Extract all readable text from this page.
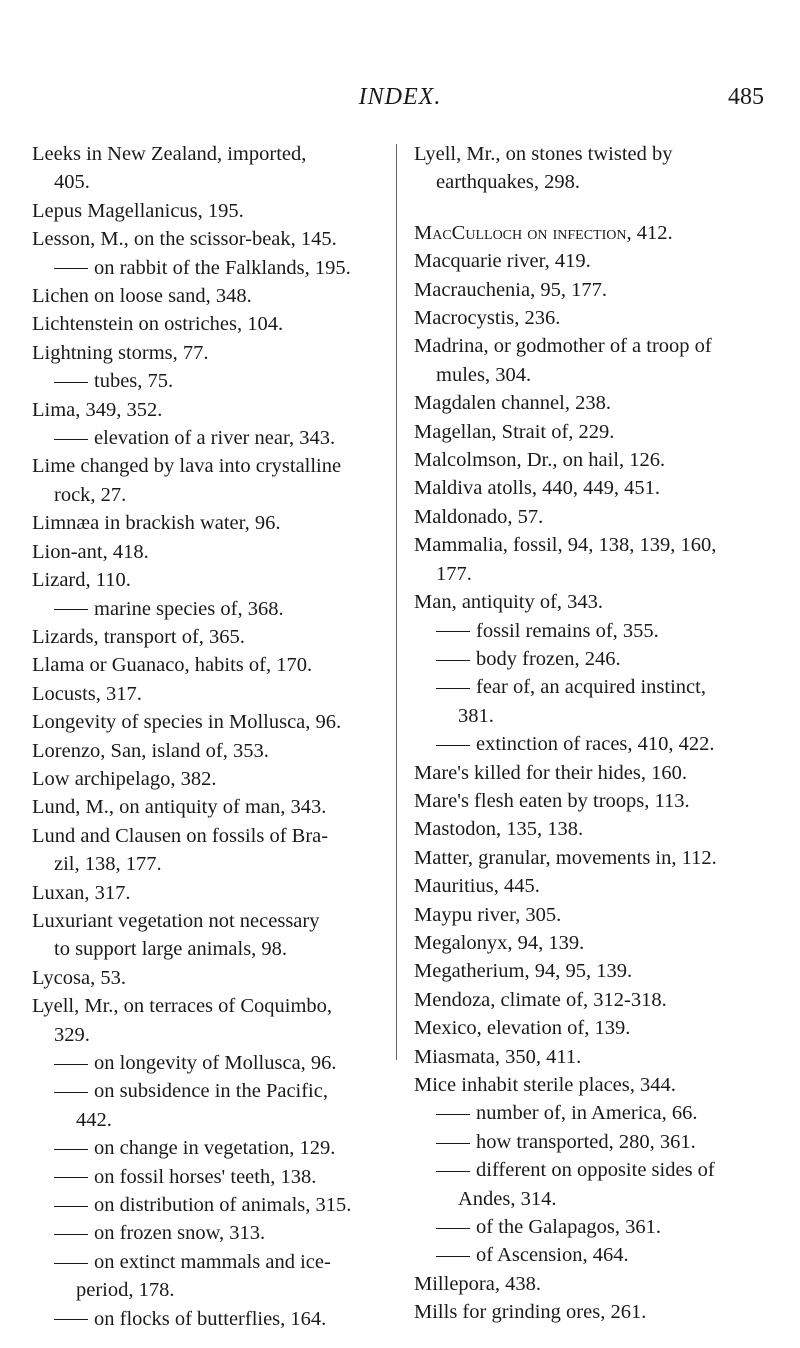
INDEX.	485
Leeks in New Zealand, imported,
405.
Lepus Magellanicus, 195.
Lesson, M., on the scissor-beak, 145.
on rabbit of the Falklands, 195.
Lichen on loose sand, 348.
Lichtenstein on ostriches, 104.
Lightning storms, 77.
tubes, 75.
Lima, 349, 352.
elevation of a river near, 343.
Lime changed by lava into crystalline
rock, 27.
Limnæa in brackish water, 96.
Lion-ant, 418.
Lizard, 110.
marine species of, 368.
Lizards, transport of, 365.
Llama or Guanaco, habits of, 170.
Locusts, 317.
Longevity of species in Mollusca, 96.
Lorenzo, San, island of, 353.
Low archipelago, 382.
Lund, M., on antiquity of man, 343.
Lund and Clausen on fossils of Bra-
zil, 138, 177.
Luxan, 317.
Luxuriant vegetation not necessary
to support large animals, 98.
Lycosa, 53.
Lyell, Mr., on terraces of Coquimbo,
329.
on longevity of Mollusca, 96.
on subsidence in the Pacific,
442.
on change in vegetation, 129.
on fossil horses' teeth, 138.
on distribution of animals, 315.
on frozen snow, 313.
on extinct mammals and ice-
period, 178.
on flocks of butterflies, 164.
Lyell, Mr., on stones twisted by
earthquakes, 298.
MacCulloch on infection, 412.
Macquarie river, 419.
Macrauchenia, 95, 177.
Macrocystis, 236.
Madrina, or godmother of a troop of
mules, 304.
Magdalen channel, 238.
Magellan, Strait of, 229.
Malcolmson, Dr., on hail, 126.
Maldiva atolls, 440, 449, 451.
Maldonado, 57.
Mammalia, fossil, 94, 138, 139, 160,
177.
Man, antiquity of, 343.
fossil remains of, 355.
body frozen, 246.
fear of, an acquired instinct,
381.
extinction of races, 410, 422.
Mare's killed for their hides, 160.
Mare's flesh eaten by troops, 113.
Mastodon, 135, 138.
Matter, granular, movements in, 112.
Mauritius, 445.
Maypu river, 305.
Megalonyx, 94, 139.
Megatherium, 94, 95, 139.
Mendoza, climate of, 312-318.
Mexico, elevation of, 139.
Miasmata, 350, 411.
Mice inhabit sterile places, 344.
number of, in America, 66.
how transported, 280, 361.
different on opposite sides of
Andes, 314.
of the Galapagos, 361.
of Ascension, 464.
Millepora, 438.
Mills for grinding ores, 261.
